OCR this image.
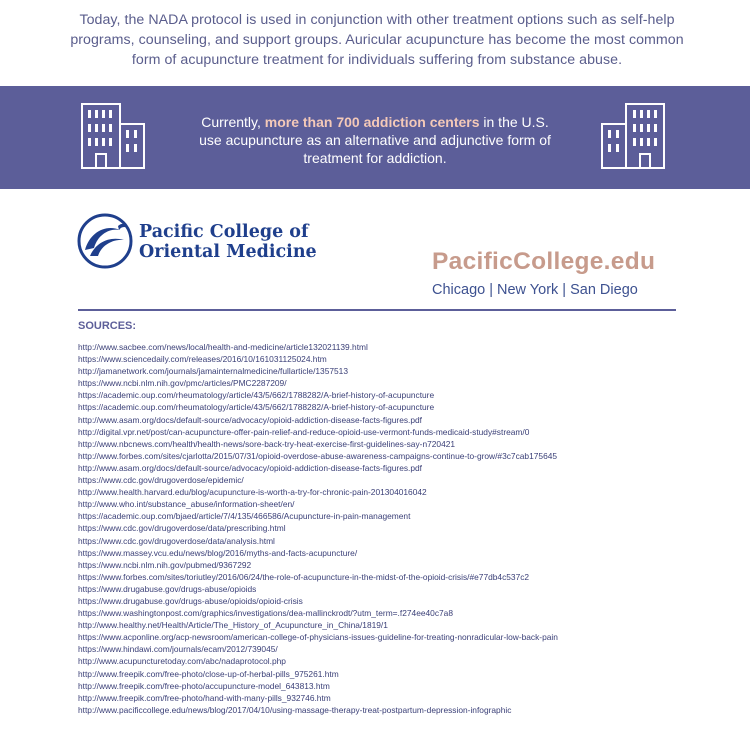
Today, the NADA protocol is used in conjunction with other treatment options such as self-help programs, counseling, and support groups. Auricular acupuncture has become the most common form of acupuncture treatment for individuals suffering from substance abuse.

Currently, more than 700 addiction centers in the U.S. use acupuncture as an alternative and adjunctive form of treatment for addiction.

Pacific College of
Oriental Medicine	PacificCollege.edu
Chicago | New York | San Diego
SOURCES:
http://www.sacbee.com/news/local/health-and-medicine/article132021139.html
https://www.sciencedaily.com/releases/2016/10/161031125024.htm
http://jamanetwork.com/journals/jamainternalmedicine/fullarticle/1357513
https://www.ncbi.nlm.nih.gov/pmc/articles/PMC2287209/
https://academic.oup.com/rheumatology/article/43/5/662/1788282/A-brief-history-of-acupuncture
https://academic.oup.com/rheumatology/article/43/5/662/1788282/A-brief-history-of-acupuncture
http://www.asam.org/docs/default-source/advocacy/opioid-addiction-disease-facts-figures.pdf
http://digital.vpr.net/post/can-acupuncture-offer-pain-relief-and-reduce-opioid-use-vermont-funds-medicaid-study#stream/0
http://www.nbcnews.com/health/health-news/sore-back-try-heat-exercise-first-guidelines-say-n720421
http://www.forbes.com/sites/cjarlotta/2015/07/31/opioid-overdose-abuse-awareness-campaigns-continue-to-grow/#3c7cab175645
http://www.asam.org/docs/default-source/advocacy/opioid-addiction-disease-facts-figures.pdf
https://www.cdc.gov/drugoverdose/epidemic/
http://www.health.harvard.edu/blog/acupuncture-is-worth-a-try-for-chronic-pain-201304016042
http://www.who.int/substance_abuse/information-sheet/en/
https://academic.oup.com/bjaed/article/7/4/135/466586/Acupuncture-in-pain-management
https://www.cdc.gov/drugoverdose/data/prescribing.html
https://www.cdc.gov/drugoverdose/data/analysis.html
https://www.massey.vcu.edu/news/blog/2016/myths-and-facts-acupuncture/
https://www.ncbi.nlm.nih.gov/pubmed/9367292
https://www.forbes.com/sites/toriutley/2016/06/24/the-role-of-acupuncture-in-the-midst-of-the-opioid-crisis/#e77db4c537c2
https://www.drugabuse.gov/drugs-abuse/opioids
https://www.drugabuse.gov/drugs-abuse/opioids/opioid-crisis
https://www.washingtonpost.com/graphics/investigations/dea-mallinckrodt/?utm_term=.f274ee40c7a8
http://www.healthy.net/Health/Article/The_History_of_Acupuncture_in_China/1819/1
https://www.acponline.org/acp-newsroom/american-college-of-physicians-issues-guideline-for-treating-nonradicular-low-back-pain
https://www.hindawi.com/journals/ecam/2012/739045/
http://www.acupuncturetoday.com/abc/nadaprotocol.php
http://www.freepik.com/free-photo/close-up-of-herbal-pills_975261.htm
http://www.freepik.com/free-photo/accupuncture-model_643813.htm
http://www.freepik.com/free-photo/hand-with-many-pills_932746.htm
http://www.pacificcollege.edu/news/blog/2017/04/10/using-massage-therapy-treat-postpartum-depression-infographic
